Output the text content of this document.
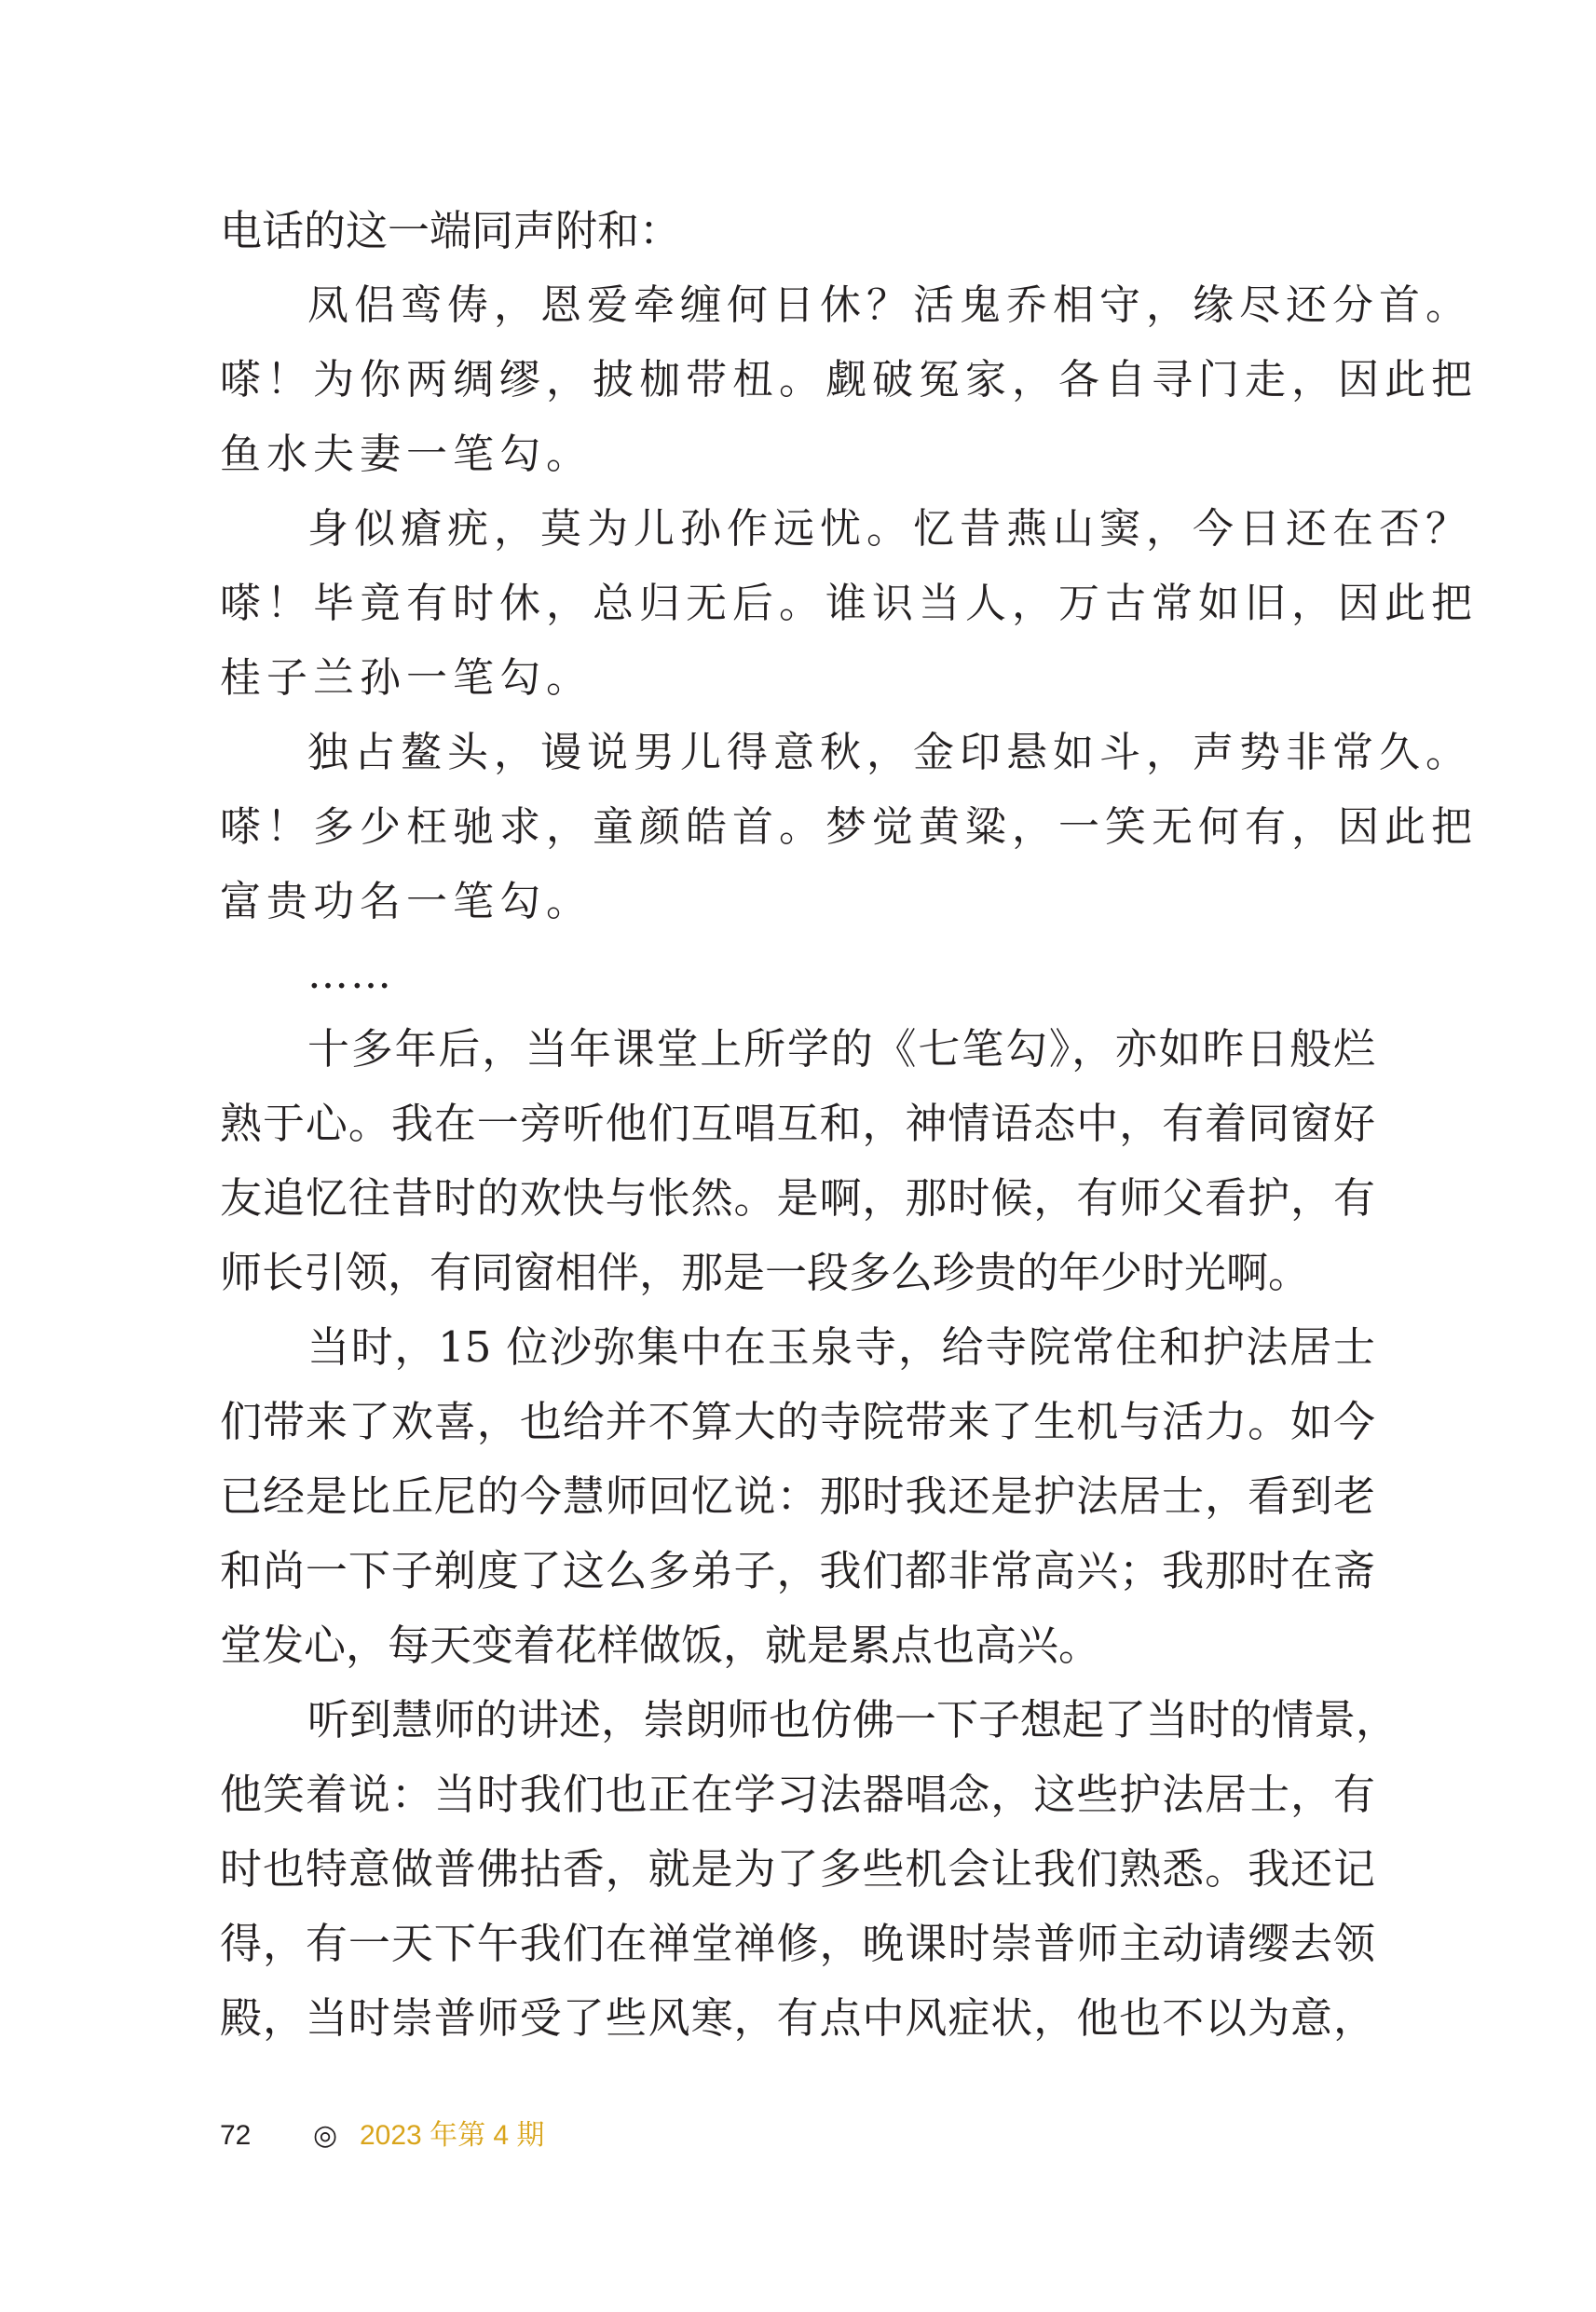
电话的这一端同声附和：

凤侣鸾俦，恩爱牵缠何日休？活鬼乔相守，缘尽还分首。

嗏！为你两绸缪，披枷带杻。觑破冤家，各自寻门走，因此把

鱼水夫妻一笔勾。

身似瘡疣，莫为儿孙作远忧。忆昔燕山窦，今日还在否？

嗏！毕竟有时休，总归无后。谁识当人，万古常如旧，因此把

桂子兰孙一笔勾。

独占鳌头，谩说男儿得意秋，金印悬如斗，声势非常久。

嗏！多少枉驰求，童颜皓首。梦觉黄粱，一笑无何有，因此把

富贵功名一笔勾。

……

十多年后，当年课堂上所学的《七笔勾》，亦如昨日般烂

熟于心。我在一旁听他们互唱互和，神情语态中，有着同窗好

友追忆往昔时的欢快与怅然。是啊，那时候，有师父看护，有

师长引领，有同窗相伴，那是一段多么珍贵的年少时光啊。

当时，15 位沙弥集中在玉泉寺，给寺院常住和护法居士

们带来了欢喜，也给并不算大的寺院带来了生机与活力。如今

已经是比丘尼的今慧师回忆说：那时我还是护法居士，看到老

和尚一下子剃度了这么多弟子，我们都非常高兴；我那时在斋

堂发心，每天变着花样做饭，就是累点也高兴。

听到慧师的讲述，崇朗师也仿佛一下子想起了当时的情景，

他笑着说：当时我们也正在学习法器唱念，这些护法居士，有

时也特意做普佛拈香，就是为了多些机会让我们熟悉。我还记

得，有一天下午我们在禅堂禅修，晚课时崇普师主动请缨去领

殿，当时崇普师受了些风寒，有点中风症状，他也不以为意，

72	◎ 2023 年第 4 期
